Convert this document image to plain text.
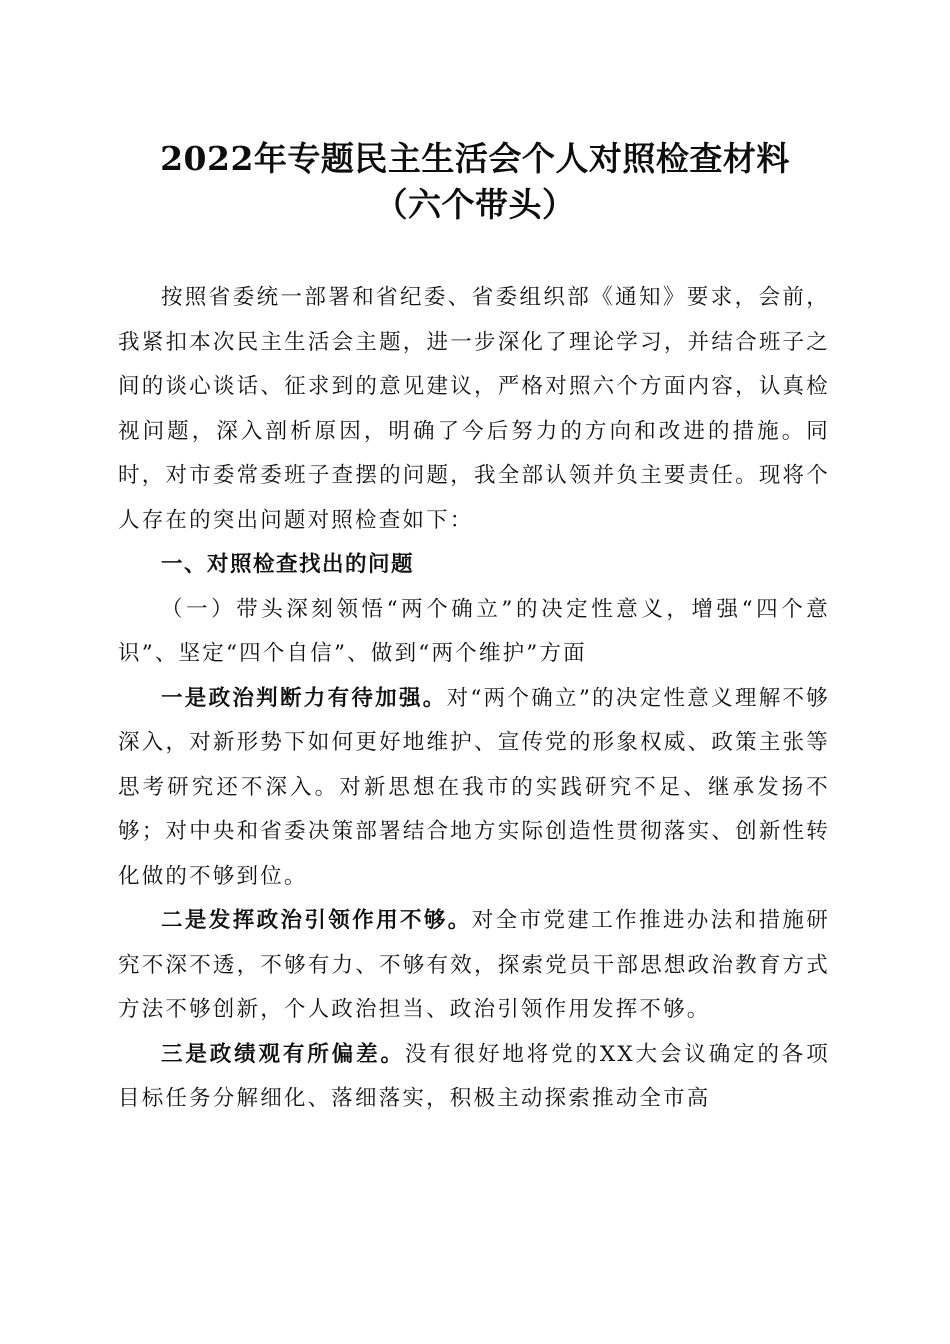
2022年专题民主生活会个人对照检查材料
（六个带头）

按照省委统一部署和省纪委、省委组织部《通知》要求，会前，我紧扣本次民主生活会主题，进一步深化了理论学习，并结合班子之间的谈心谈话、征求到的意见建议，严格对照六个方面内容，认真检视问题，深入剖析原因，明确了今后努力的方向和改进的措施。同时，对市委常委班子查摆的问题，我全部认领并负主要责任。现将个人存在的突出问题对照检查如下：

一、对照检查找出的问题

（一）带头深刻领悟“两个确立”的决定性意义，增强“四个意识”、坚定“四个自信”、做到“两个维护”方面

一是政治判断力有待加强。对“两个确立”的决定性意义理解不够深入，对新形势下如何更好地维护、宣传党的形象权威、政策主张等思考研究还不深入。对新思想在我市的实践研究不足、继承发扬不够；对中央和省委决策部署结合地方实际创造性贯彻落实、创新性转化做的不够到位。

二是发挥政治引领作用不够。对全市党建工作推进办法和措施研究不深不透，不够有力、不够有效，探索党员干部思想政治教育方式方法不够创新，个人政治担当、政治引领作用发挥不够。

三是政绩观有所偏差。没有很好地将党的XX大会议确定的各项目标任务分解细化、落细落实，积极主动探索推动全市高
